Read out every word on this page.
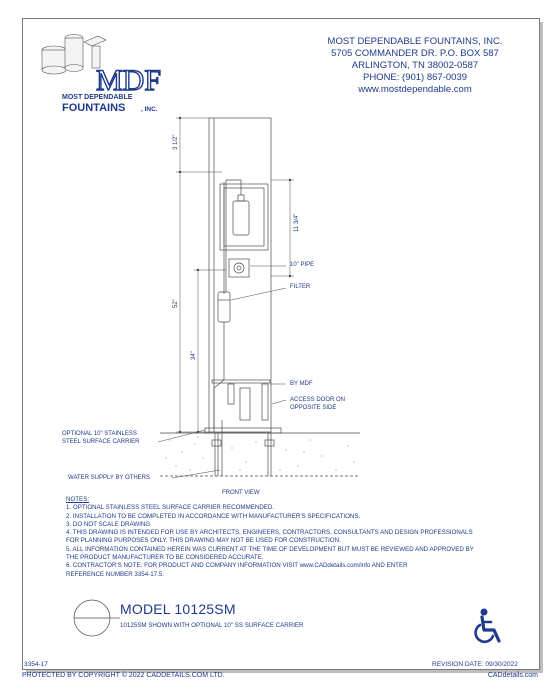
MDF
MOST DEPENDABLE
FOUNTAINS , INC.
MOST DEPENDABLE FOUNTAINS, INC.
5705 COMMANDER DR. P.O. BOX 587
ARLINGTON, TN 38002-0587
PHONE: (901) 867-0039
www.mostdependable.com
3 1/2"
11 3/4"
52"
34"
10" PIPE
FILTER
BY MDF
ACCESS DOOR ON
OPPOSITE SIDE
OPTIONAL 10" STAINLESS
STEEL SURFACE CARRIER
WATER SUPPLY BY OTHERS
FRONT VIEW
NOTES:
1. OPTIONAL STAINLESS STEEL SURFACE CARRIER RECOMMENDED.
2. INSTALLATION TO BE COMPLETED IN ACCORDANCE WITH MANUFACTURER'S SPECIFICATIONS.
3. DO NOT SCALE DRAWING
4. THIS DRAWING IS INTENDED FOR USE BY ARCHITECTS, ENGINEERS, CONTRACTORS, CONSULTANTS AND DESIGN PROFESSIONALS
FOR PLANNING PURPOSES ONLY. THIS DRAWING MAY NOT BE USED FOR CONSTRUCTION.
5. ALL INFORMATION CONTAINED HEREIN WAS CURRENT AT THE TIME OF DEVELOPMENT BUT MUST BE REVIEWED AND APPROVED BY
THE PRODUCT MANUFACTURER TO BE CONSIDERED ACCURATE.
6. CONTRACTOR'S NOTE: FOR PRODUCT AND COMPANY INFORMATION VISIT www.CADdetails.com/info AND ENTER
REFERENCE NUMBER 3354-17.5.
MODEL 10125SM
10125SM SHOWN WITH OPTIONAL 10" SS SURFACE CARRIER
3354-17	REVISION DATE: 09/30/2022
PROTECTED BY COPYRIGHT © 2022 CADDETAILS.COM LTD.	CADdetails.com
